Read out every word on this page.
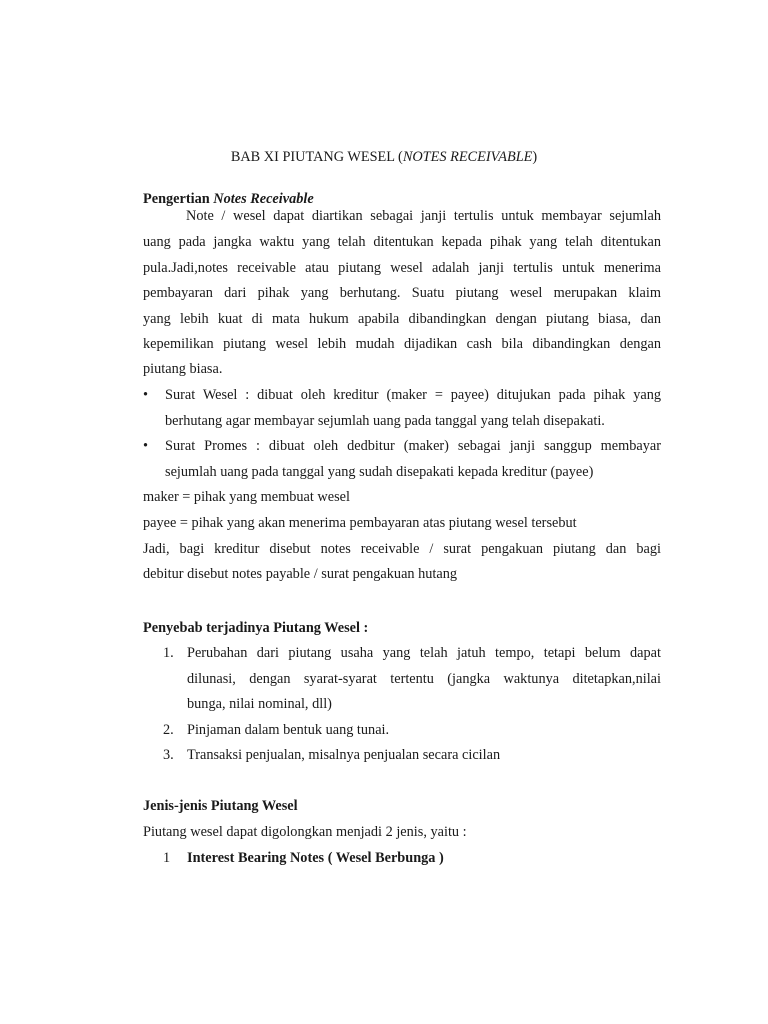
BAB XI PIUTANG WESEL (NOTES RECEIVABLE)
Pengertian Notes Receivable
Note / wesel dapat diartikan sebagai janji tertulis untuk membayar sejumlah
uang pada jangka waktu yang telah ditentukan kepada pihak yang telah ditentukan
pula.Jadi,notes receivable atau piutang wesel adalah janji tertulis untuk menerima
pembayaran dari pihak yang berhutang. Suatu piutang wesel merupakan klaim
yang lebih kuat di mata hukum apabila dibandingkan dengan piutang biasa, dan
kepemilikan piutang wesel lebih mudah dijadikan cash bila dibandingkan dengan
piutang biasa.
• Surat Wesel : dibuat oleh kreditur (maker = payee) ditujukan pada pihak yang
berhutang agar membayar sejumlah uang pada tanggal yang telah disepakati.
• Surat Promes : dibuat oleh dedbitur (maker) sebagai janji sanggup membayar
sejumlah uang pada tanggal yang sudah disepakati kepada kreditur (payee)
maker = pihak yang membuat wesel
payee = pihak yang akan menerima pembayaran atas piutang wesel tersebut
Jadi, bagi kreditur disebut notes receivable / surat pengakuan piutang dan bagi
debitur disebut notes payable / surat pengakuan hutang
Penyebab terjadinya Piutang Wesel :
1. Perubahan dari piutang usaha yang telah jatuh tempo, tetapi belum dapat
dilunasi, dengan syarat-syarat tertentu (jangka waktunya ditetapkan,nilai
bunga, nilai nominal, dll)
2. Pinjaman dalam bentuk uang tunai.
3. Transaksi penjualan, misalnya penjualan secara cicilan
Jenis-jenis Piutang Wesel
Piutang wesel dapat digolongkan menjadi 2 jenis, yaitu :
1 Interest Bearing Notes ( Wesel Berbunga )
